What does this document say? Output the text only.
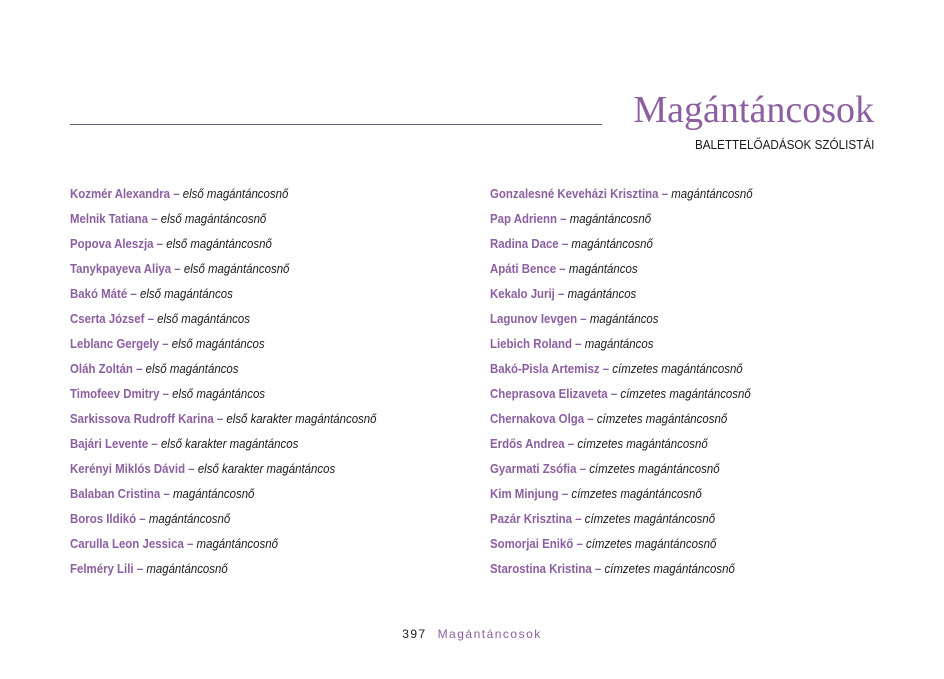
Magántáncosok
BALETTELŐADÁSOK SZÓLISTÁI
Kozmér Alexandra – első magántáncosnő
Melnik Tatiana – első magántáncosnő
Popova Aleszja – első magántáncosnő
Tanykpayeva Aliya – első magántáncosnő
Bakó Máté – első magántáncos
Cserta József – első magántáncos
Leblanc Gergely – első magántáncos
Oláh Zoltán – első magántáncos
Timofeev Dmitry – első magántáncos
Sarkissova Rudroff Karina – első karakter magántáncosnő
Bajári Levente – első karakter magántáncos
Kerényi Miklós Dávid – első karakter magántáncos
Balaban Cristina – magántáncosnő
Boros Ildikó – magántáncosnő
Carulla Leon Jessica – magántáncosnő
Felméry Lili – magántáncosnő
Gonzalesné Keveházi Krisztina – magántáncosnő
Pap Adrienn – magántáncosnő
Radina Dace – magántáncosnő
Apáti Bence – magántáncos
Kekalo Jurij – magántáncos
Lagunov Ievgen – magántáncos
Liebich Roland – magántáncos
Bakó-Pisla Artemisz – címzetes magántáncosnő
Cheprasova Elizaveta – címzetes magántáncosnő
Chernakova Olga – címzetes magántáncosnő
Erdős Andrea – címzetes magántáncosnő
Gyarmati Zsófia – címzetes magántáncosnő
Kim Minjung – címzetes magántáncosnő
Pazár Krisztina – címzetes magántáncosnő
Somorjai Enikő – címzetes magántáncosnő
Starostina Kristina – címzetes magántáncosnő
397 Magántáncosok
